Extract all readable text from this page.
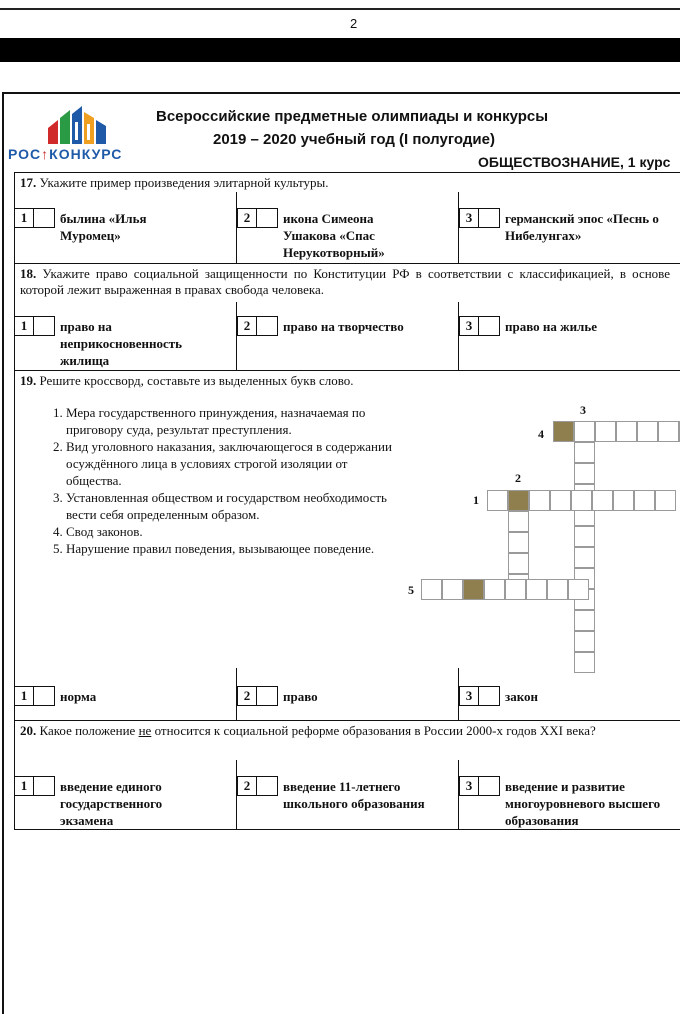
2
РОС↑КОНКУРС
Всероссийские предметные олимпиады и конкурсы
2019 – 2020 учебный год (I полугодие)
ОБЩЕСТВОЗНАНИЕ, 1 курс
17. Укажите пример произведения элитарной культуры.
1	былина «Илья Муромец»
2	икона Симеона Ушакова «Спас Нерукотворный»
3	германский эпос «Песнь о Нибелунгах»
18. Укажите право социальной защищенности по Конституции РФ в соответствии с классификацией, в основе которой лежит выраженная в правах свобода человека.
1	право на неприкосновенность жилища
2	право на творчество	3	право на жилье
19. Решите кроссворд, составьте из выделенных букв слово.
1. Мера государственного принуждения, назначаемая по приговору суда, результат преступления.
2. Вид уголовного наказания, заключающегося в содержании осуждённого лица в условиях строгой изоляции от общества.
3. Установленная обществом и государством необходимость вести себя определенным образом.
4. Свод законов.
5. Нарушение правил поведения, вызывающее поведение.
1
2
3
4
5
1	норма	2	право	3	закон
20. Какое положение не относится к социальной реформе образования в России 2000-х годов XXI века?
1	введение единого государственного экзамена
2	введение 11-летнего школьного образования
3	введение и развитие многоуровневого высшего образования
